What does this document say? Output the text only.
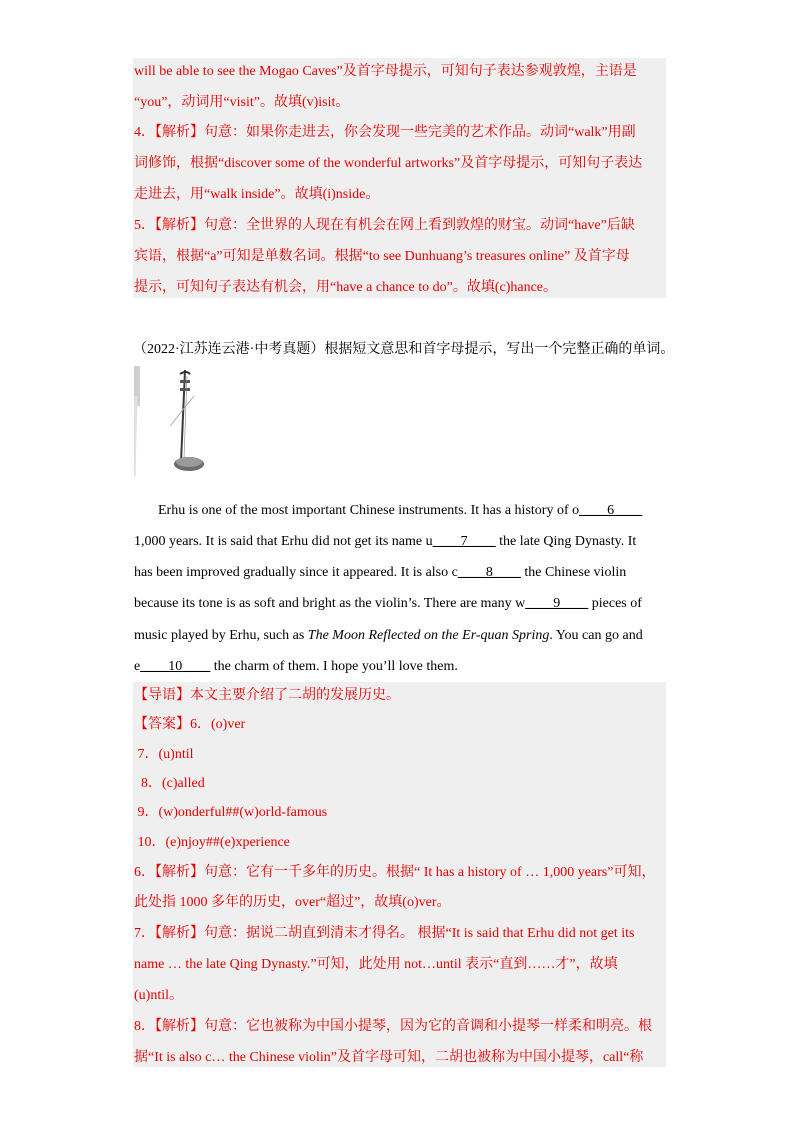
will be able to see the Mogao Caves”及首字母提示，可知句子表达参观敦煌，主语是
“you”，动词用“visit”。故填(v)isit。
4．【解析】句意：如果你走进去，你会发现一些完美的艺术作品。动词“walk”用副
词修饰，根据“discover some of the wonderful artworks”及首字母提示，可知句子表达
走进去，用“walk inside”。故填(i)nside。
5．【解析】句意：全世界的人现在有机会在网上看到敦煌的财宝。动词“have”后缺
宾语，根据“a”可知是单数名词。根据“to see Dunhuang’s treasures online” 及首字母
提示，可知句子表达有机会，用“have a chance to do”。故填(c)hance。
（2022·江苏连云港·中考真题）根据短文意思和首字母提示，写出一个完整正确的单词。
Erhu is one of the most important Chinese instruments. It has a history of o____6____
1,000 years. It is said that Erhu did not get its name u____7____ the late Qing Dynasty. It
has been improved gradually since it appeared. It is also c____8____ the Chinese violin
because its tone is as soft and bright as the violin’s. There are many w____9____ pieces of
music played by Erhu, such as The Moon Reflected on the Er-quan Spring. You can go and
e____10____ the charm of them. I hope you’ll love them.
【导语】本文主要介绍了二胡的发展历史。
【答案】6．(o)ver
7．(u)ntil
8．(c)alled
9．(w)onderful##(w)orld-famous
10．(e)njoy##(e)xperience
6．【解析】句意：它有一千多年的历史。根据“ It has a history of … 1,000 years”可知，
此处指 1000 多年的历史，over“超过”，故填(o)ver。
7．【解析】句意：据说二胡直到清末才得名。 根据“It is said that Erhu did not get its
name … the late Qing Dynasty.”可知，此处用 not…until 表示“直到……才”，故填
(u)ntil。
8．【解析】句意：它也被称为中国小提琴，因为它的音调和小提琴一样柔和明亮。根
据“It is also c… the Chinese violin”及首字母可知，二胡也被称为中国小提琴，call“称
